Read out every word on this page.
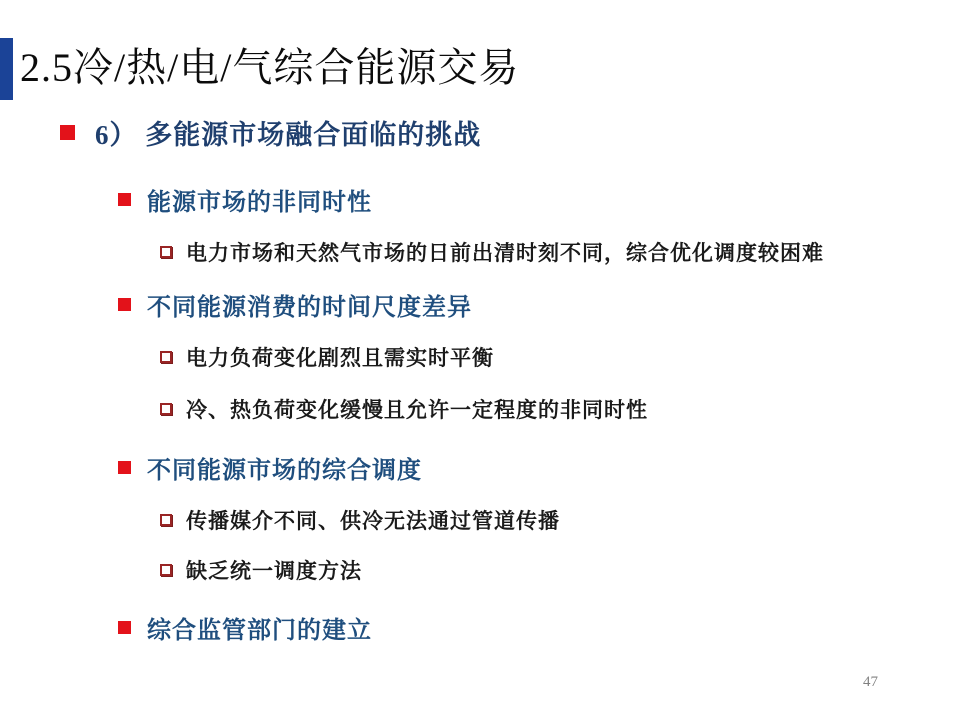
2.5冷/热/电/气综合能源交易
6） 多能源市场融合面临的挑战
能源市场的非同时性
电力市场和天然气市场的日前出清时刻不同，综合优化调度较困难
不同能源消费的时间尺度差异
电力负荷变化剧烈且需实时平衡
冷、热负荷变化缓慢且允许一定程度的非同时性
不同能源市场的综合调度
传播媒介不同、供冷无法通过管道传播
缺乏统一调度方法
综合监管部门的建立
47
